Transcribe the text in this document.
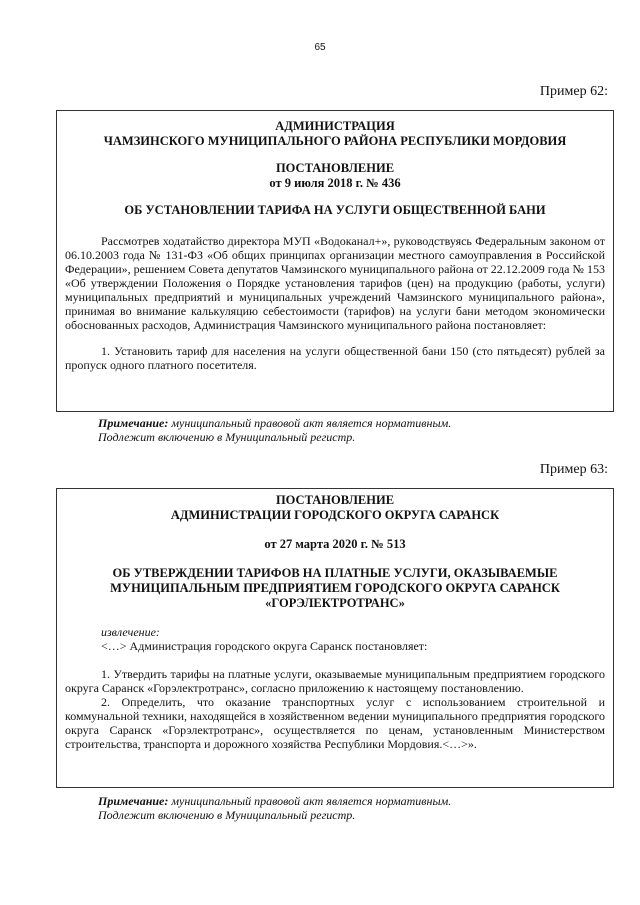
65
Пример 62:
АДМИНИСТРАЦИЯ
ЧАМЗИНСКОГО МУНИЦИПАЛЬНОГО РАЙОНА РЕСПУБЛИКИ МОРДОВИЯ
ПОСТАНОВЛЕНИЕ
от 9 июля 2018 г. № 436
ОБ УСТАНОВЛЕНИИ ТАРИФА НА УСЛУГИ ОБЩЕСТВЕННОЙ БАНИ

Рассмотрев ходатайство директора МУП «Водоканал+», руководствуясь Федеральным законом от 06.10.2003 года № 131-ФЗ «Об общих принципах организации местного самоуправления в Российской Федерации», решением Совета депутатов Чамзинского муниципального района от 22.12.2009 года № 153 «Об утверждении Положения о Порядке установления тарифов (цен) на продукцию (работы, услуги) муниципальных предприятий и муниципальных учреждений Чамзинского муниципального района», принимая во внимание калькуляцию себестоимости (тарифов) на услуги бани методом экономически обоснованных расходов, Администрация Чамзинского муниципального района постановляет:

1. Установить тариф для населения на услуги общественной бани 150 (сто пятьдесят) рублей за пропуск одного платного посетителя.

Примечание: муниципальный правовой акт является нормативным.
Подлежит включению в Муниципальный регистр.
Пример 63:
ПОСТАНОВЛЕНИЕ
АДМИНИСТРАЦИИ ГОРОДСКОГО ОКРУГА САРАНСК
от 27 марта 2020 г. № 513
ОБ УТВЕРЖДЕНИИ ТАРИФОВ НА ПЛАТНЫЕ УСЛУГИ, ОКАЗЫВАЕМЫЕ
МУНИЦИПАЛЬНЫМ ПРЕДПРИЯТИЕМ ГОРОДСКОГО ОКРУГА САРАНСК
«ГОРЭЛЕКТРОТРАНС»
извлечение:
<…> Администрация городского округа Саранск постановляет:

1. Утвердить тарифы на платные услуги, оказываемые муниципальным предприятием городского округа Саранск «Горэлектротранс», согласно приложению к настоящему постановлению.

2. Определить, что оказание транспортных услуг с использованием строительной и коммунальной техники, находящейся в хозяйственном ведении муниципального предприятия городского округа Саранск «Горэлектротранс», осуществляется по ценам, установленным Министерством строительства, транспорта и дорожного хозяйства Республики Мордовия.<…>».

Примечание: муниципальный правовой акт является нормативным.
Подлежит включению в Муниципальный регистр.
